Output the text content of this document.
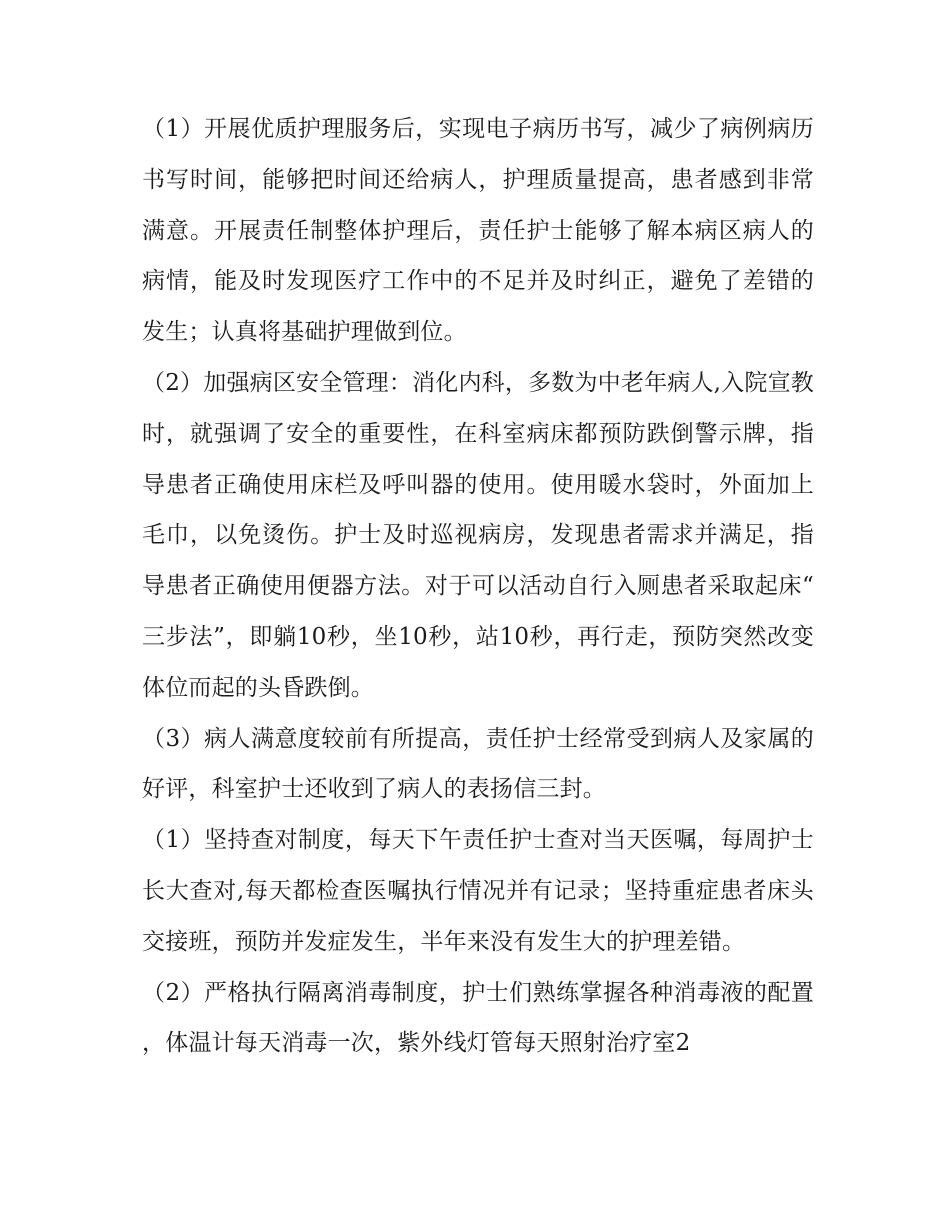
（1）开展优质护理服务后，实现电子病历书写，减少了病例病历书写时间，能够把时间还给病人，护理质量提高，患者感到非常满意。开展责任制整体护理后，责任护士能够了解本病区病人的病情，能及时发现医疗工作中的不足并及时纠正，避免了差错的发生；认真将基础护理做到位。

（2）加强病区安全管理：消化内科，多数为中老年病人,入院宣教时，就强调了安全的重要性，在科室病床都预防跌倒警示牌，指导患者正确使用床栏及呼叫器的使用。使用暖水袋时，外面加上毛巾，以免烫伤。护士及时巡视病房，发现患者需求并满足，指导患者正确使用便器方法。对于可以活动自行入厕患者采取起床“三步法”，即躺10秒，坐10秒，站10秒，再行走，预防突然改变体位而起的头昏跌倒。

（3）病人满意度较前有所提高，责任护士经常受到病人及家属的好评，科室护士还收到了病人的表扬信三封。

（1）坚持查对制度，每天下午责任护士查对当天医嘱，每周护士长大查对,每天都检查医嘱执行情况并有记录；坚持重症患者床头交接班，预防并发症发生，半年来没有发生大的护理差错。

（2）严格执行隔离消毒制度，护士们熟练掌握各种消毒液的配置，体温计每天消毒一次，紫外线灯管每天照射治疗室2
